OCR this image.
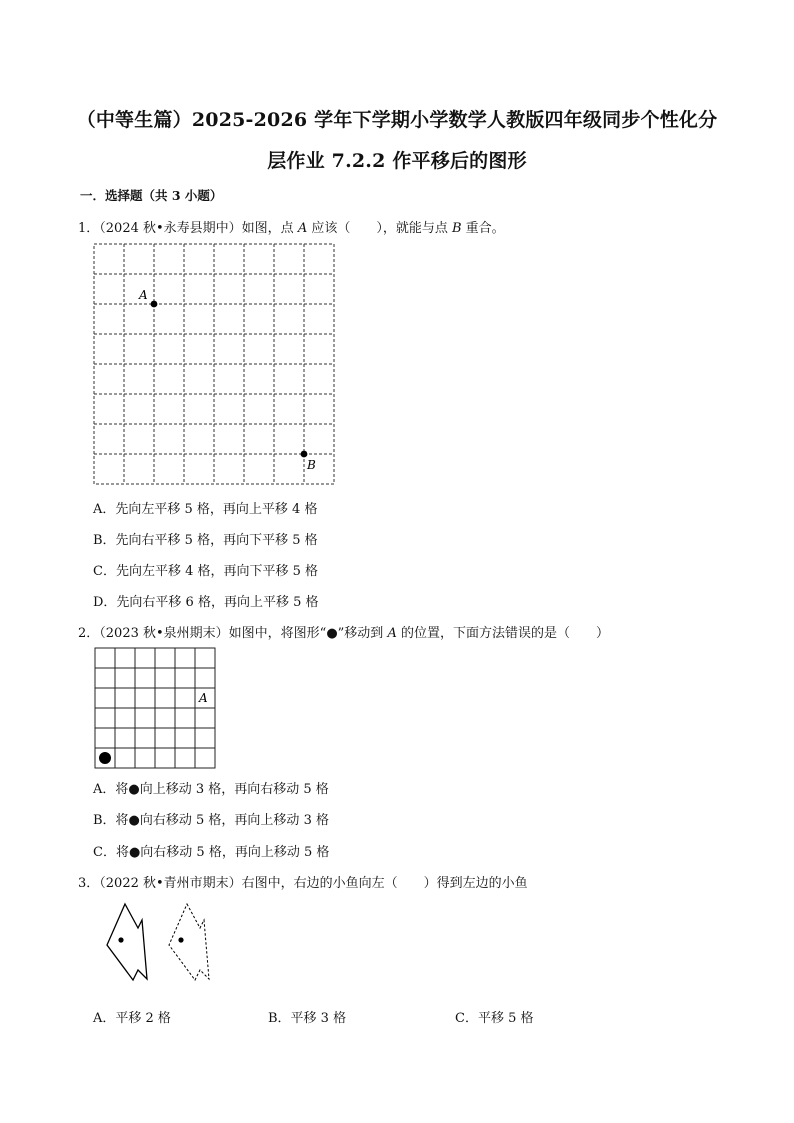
（中等生篇）2025-2026 学年下学期小学数学人教版四年级同步个性化分
层作业 7.2.2 作平移后的图形
一．选择题（共 3 小题）
1．（2024 秋•永寿县期中）如图，点 A 应该（　　），就能与点 B 重合。
A
B
A．先向左平移 5 格，再向上平移 4 格
B．先向右平移 5 格，再向下平移 5 格
C．先向左平移 4 格，再向下平移 5 格
D．先向右平移 6 格，再向上平移 5 格
2．（2023 秋•泉州期末）如图中，将图形“●”移动到 A 的位置，下面方法错误的是（　　）
A
A．将●向上移动 3 格，再向右移动 5 格
B．将●向右移动 5 格，再向上移动 3 格
C．将●向右移动 5 格，再向上移动 5 格
3．（2022 秋•青州市期末）右图中，右边的小鱼向左（　　）得到左边的小鱼
A．平移 2 格	B．平移 3 格	C．平移 5 格
